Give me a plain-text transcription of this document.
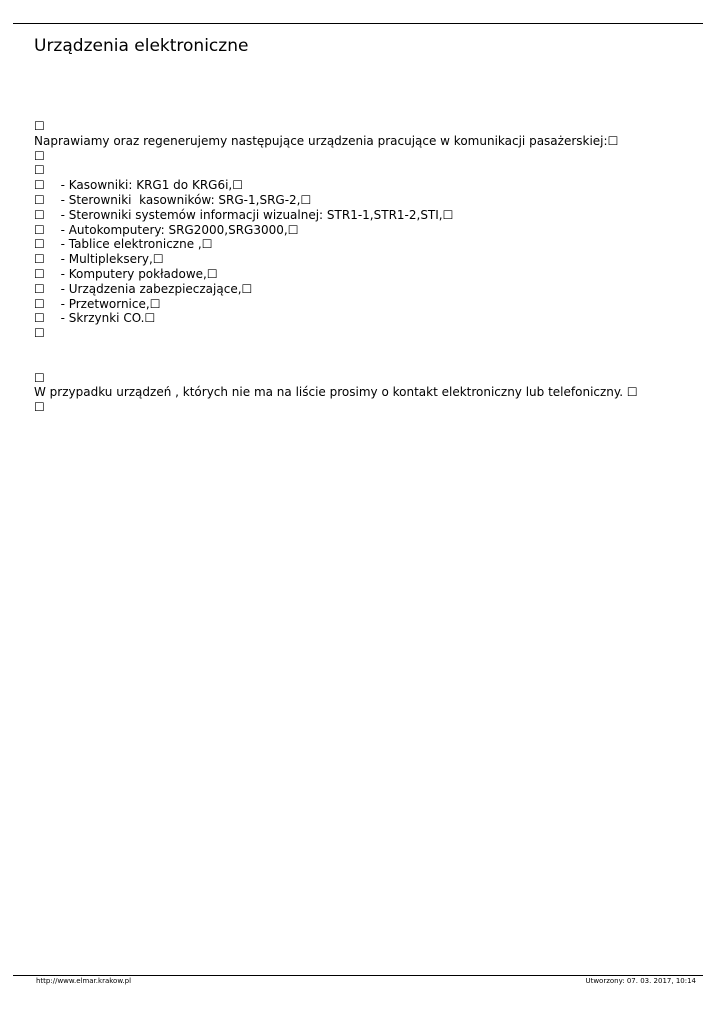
Urządzenia elektroniczne
☐
Naprawiamy oraz regenerujemy następujące urządzenia pracujące w komunikacji pasażerskiej:☐
☐
☐
☐ - Kasowniki: KRG1 do KRG6i,☐
☐ - Sterowniki  kasowników: SRG-1,SRG-2,☐
☐ - Sterowniki systemów informacji wizualnej: STR1-1,STR1-2,STI,☐
☐ - Autokomputery: SRG2000,SRG3000,☐
☐ - Tablice elektroniczne ,☐
☐ - Multipleksery,☐
☐ - Komputery pokładowe,☐
☐ - Urządzenia zabezpieczające,☐
☐ - Przetwornice,☐
☐ - Skrzynki CO.☐
☐
☐
W przypadku urządzeń , których nie ma na liście prosimy o kontakt elektroniczny lub telefoniczny. ☐
☐
http://www.elmar.krakow.pl	Utworzony: 07. 03. 2017, 10:14
